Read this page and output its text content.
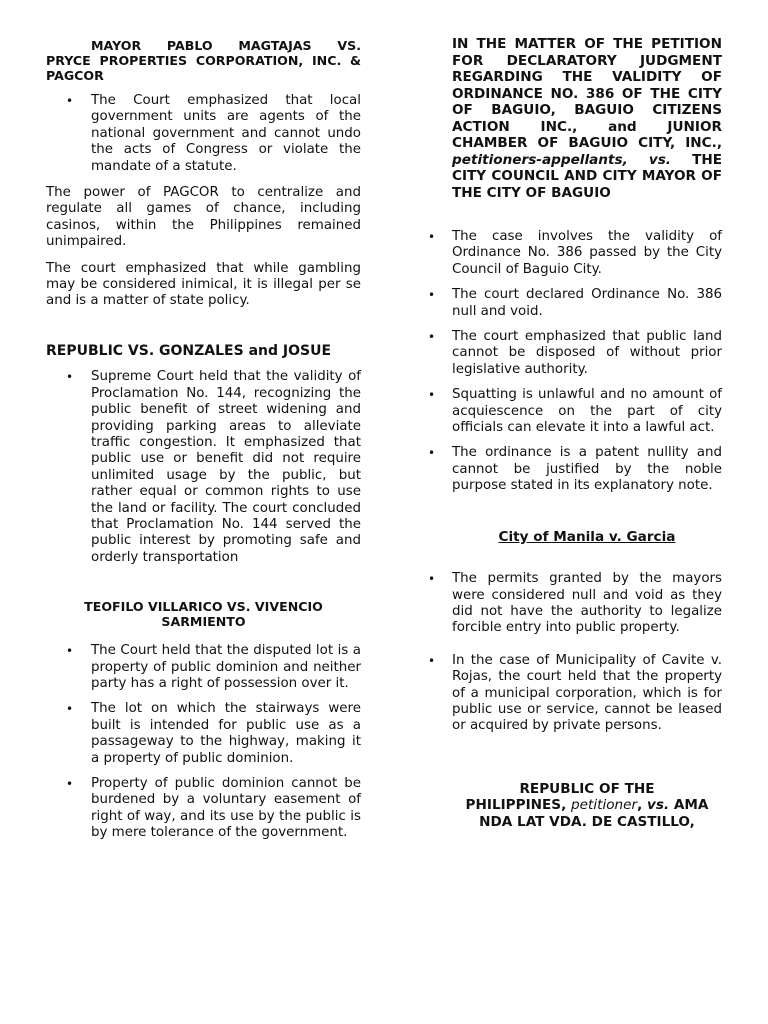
MAYOR PABLO MAGTAJAS VS.
PRYCE PROPERTIES CORPORATION, INC. & PAGCOR
• The Court emphasized that local government units are agents of the national government and cannot undo the acts of Congress or violate the mandate of a statute.

The power of PAGCOR to centralize and regulate all games of chance, including casinos, within the Philippines remained unimpaired.

The court emphasized that while gambling may be considered inimical, it is illegal per se and is a matter of state policy.

REPUBLIC VS. GONZALES and JOSUE
• Supreme Court held that the validity of Proclamation No. 144, recognizing the public benefit of street widening and providing parking areas to alleviate traffic congestion. It emphasized that public use or benefit did not require unlimited usage by the public, but rather equal or common rights to use the land or facility. The court concluded that Proclamation No. 144 served the public interest by promoting safe and orderly transportation
TEOFILO VILLARICO VS. VIVENCIO SARMIENTO
• The Court held that the disputed lot is a property of public dominion and neither party has a right of possession over it.
• The lot on which the stairways were built is intended for public use as a passageway to the highway, making it a property of public dominion.
• Property of public dominion cannot be burdened by a voluntary easement of right of way, and its use by the public is by mere tolerance of the government.
IN THE MATTER OF THE PETITION FOR DECLARATORY JUDGMENT REGARDING THE VALIDITY OF ORDINANCE NO. 386 OF THE CITY OF BAGUIO, BAGUIO CITIZENS ACTION INC., and JUNIOR CHAMBER OF BAGUIO CITY, INC., petitioners-appellants, vs. THE CITY COUNCIL AND CITY MAYOR OF THE CITY OF BAGUIO
• The case involves the validity of Ordinance No. 386 passed by the City Council of Baguio City.
• The court declared Ordinance No. 386 null and void.
• The court emphasized that public land cannot be disposed of without prior legislative authority.
• Squatting is unlawful and no amount of acquiescence on the part of city officials can elevate it into a lawful act.
• The ordinance is a patent nullity and cannot be justified by the noble purpose stated in its explanatory note.
City of Manila v. Garcia
• The permits granted by the mayors were considered null and void as they did not have the authority to legalize forcible entry into public property.
• In the case of Municipality of Cavite v. Rojas, the court held that the property of a municipal corporation, which is for public use or service, cannot be leased or acquired by private persons.
REPUBLIC OF THE
PHILIPPINES, petitioner, vs. AMA
NDA LAT VDA. DE CASTILLO,
